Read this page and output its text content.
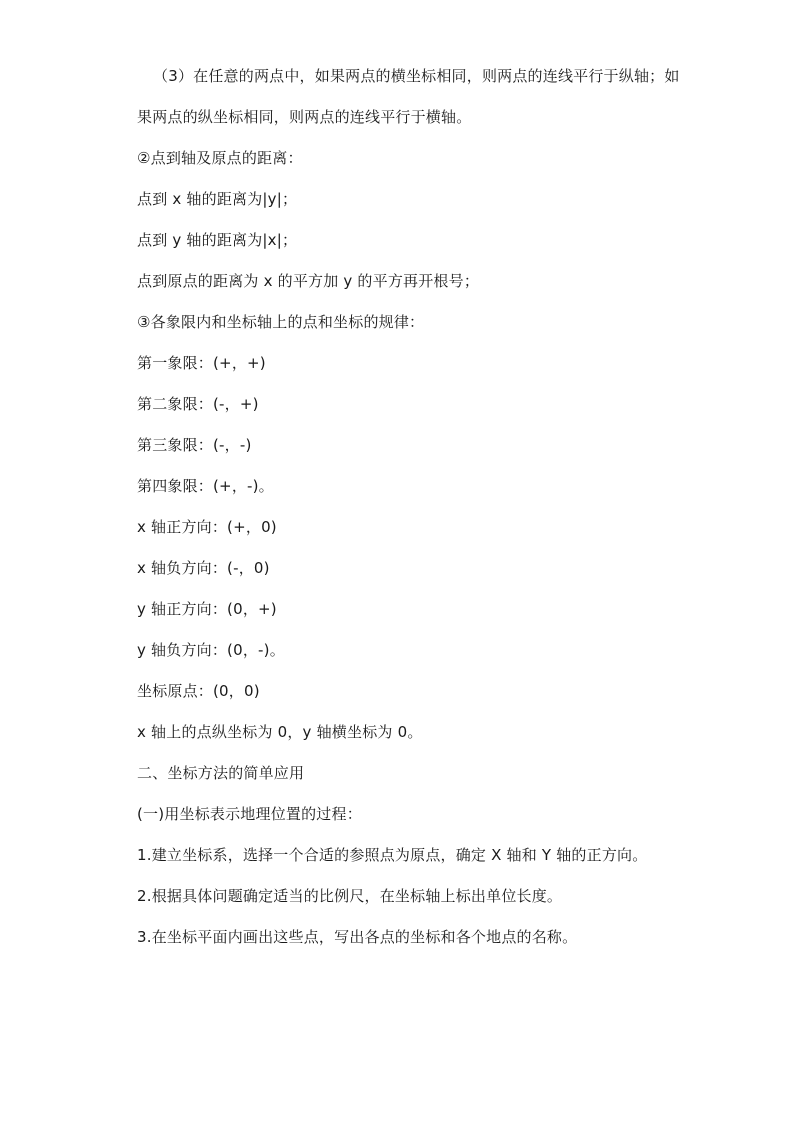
（3）在任意的两点中，如果两点的横坐标相同，则两点的连线平行于纵轴；如
果两点的纵坐标相同，则两点的连线平行于横轴。
②点到轴及原点的距离：
点到 x 轴的距离为|y|；
点到 y 轴的距离为|x|；
点到原点的距离为 x 的平方加 y 的平方再开根号；
③各象限内和坐标轴上的点和坐标的规律：
第一象限：(+，+)
第二象限：(-，+)
第三象限：(-，-)
第四象限：(+，-)。
x 轴正方向：(+，0)
x 轴负方向：(-，0)
y 轴正方向：(0，+)
y 轴负方向：(0，-)。
坐标原点：(0，0)
x 轴上的点纵坐标为 0，y 轴横坐标为 0。
二、坐标方法的简单应用
(一)用坐标表示地理位置的过程：
1.建立坐标系，选择一个合适的参照点为原点，确定 X 轴和 Y 轴的正方向。
2.根据具体问题确定适当的比例尺，在坐标轴上标出单位长度。
3.在坐标平面内画出这些点，写出各点的坐标和各个地点的名称。
